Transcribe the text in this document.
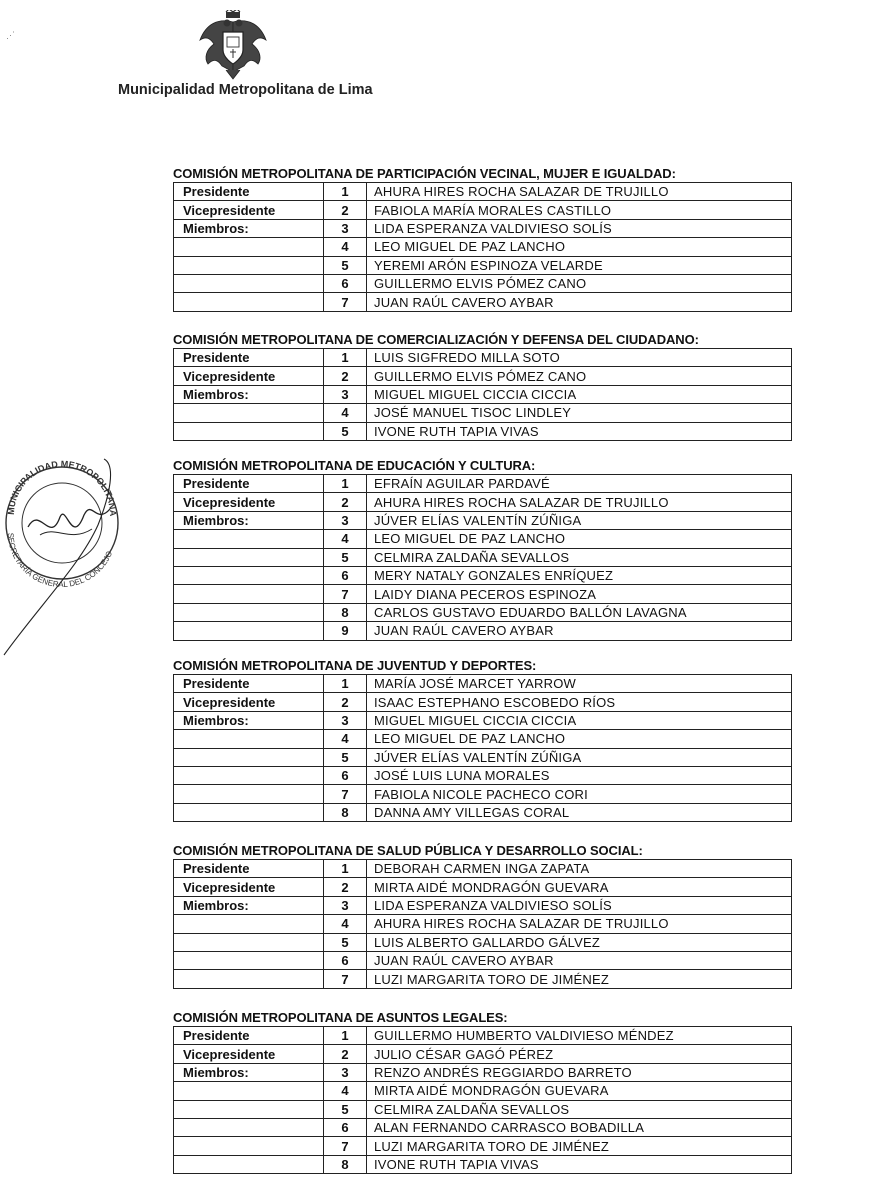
Municipalidad Metropolitana de Lima
MUNICIPALIDAD METROPOLITANA
SECRETARÍA GENERAL DEL CONCEJO
⋰
COMISIÓN METROPOLITANA DE PARTICIPACIÓN VECINAL, MUJER E IGUALDAD:
Presidente	1	AHURA HIRES ROCHA SALAZAR DE TRUJILLO
Vicepresidente	2	FABIOLA MARÍA MORALES CASTILLO
Miembros:	3	LIDA ESPERANZA VALDIVIESO SOLÍS
	4	LEO MIGUEL DE PAZ LANCHO
	5	YEREMI ARÓN ESPINOZA VELARDE
	6	GUILLERMO ELVIS PÓMEZ CANO
	7	JUAN RAÚL CAVERO AYBAR
COMISIÓN METROPOLITANA DE COMERCIALIZACIÓN Y DEFENSA DEL CIUDADANO:
Presidente	1	LUIS SIGFREDO MILLA SOTO
Vicepresidente	2	GUILLERMO ELVIS PÓMEZ CANO
Miembros:	3	MIGUEL MIGUEL CICCIA CICCIA
	4	JOSÉ MANUEL TISOC LINDLEY
	5	IVONE RUTH TAPIA VIVAS
COMISIÓN METROPOLITANA DE EDUCACIÓN Y CULTURA:
Presidente	1	EFRAÍN AGUILAR PARDAVÉ
Vicepresidente	2	AHURA HIRES ROCHA SALAZAR DE TRUJILLO
Miembros:	3	JÚVER ELÍAS VALENTÍN ZÚÑIGA
	4	LEO MIGUEL DE PAZ LANCHO
	5	CELMIRA ZALDAÑA SEVALLOS
	6	MERY NATALY GONZALES ENRÍQUEZ
	7	LAIDY DIANA PECEROS ESPINOZA
	8	CARLOS GUSTAVO EDUARDO BALLÓN LAVAGNA
	9	JUAN RAÚL CAVERO AYBAR
COMISIÓN METROPOLITANA DE JUVENTUD Y DEPORTES:
Presidente	1	MARÍA JOSÉ MARCET YARROW
Vicepresidente	2	ISAAC ESTEPHANO ESCOBEDO RÍOS
Miembros:	3	MIGUEL MIGUEL CICCIA CICCIA
	4	LEO MIGUEL DE PAZ LANCHO
	5	JÚVER ELÍAS VALENTÍN ZÚÑIGA
	6	JOSÉ LUIS LUNA MORALES
	7	FABIOLA NICOLE PACHECO CORI
	8	DANNA AMY VILLEGAS CORAL
COMISIÓN METROPOLITANA DE SALUD PÚBLICA Y DESARROLLO SOCIAL:
Presidente	1	DEBORAH CARMEN INGA ZAPATA
Vicepresidente	2	MIRTA AIDÉ MONDRAGÓN GUEVARA
Miembros:	3	LIDA ESPERANZA VALDIVIESO SOLÍS
	4	AHURA HIRES ROCHA SALAZAR DE TRUJILLO
	5	LUIS ALBERTO GALLARDO GÁLVEZ
	6	JUAN RAÚL CAVERO AYBAR
	7	LUZI MARGARITA TORO DE JIMÉNEZ
COMISIÓN METROPOLITANA DE ASUNTOS LEGALES:
Presidente	1	GUILLERMO HUMBERTO VALDIVIESO MÉNDEZ
Vicepresidente	2	JULIO CÉSAR GAGÓ PÉREZ
Miembros:	3	RENZO ANDRÉS REGGIARDO BARRETO
	4	MIRTA AIDÉ MONDRAGÓN GUEVARA
	5	CELMIRA ZALDAÑA SEVALLOS
	6	ALAN FERNANDO CARRASCO BOBADILLA
	7	LUZI MARGARITA TORO DE JIMÉNEZ
	8	IVONE RUTH TAPIA VIVAS
